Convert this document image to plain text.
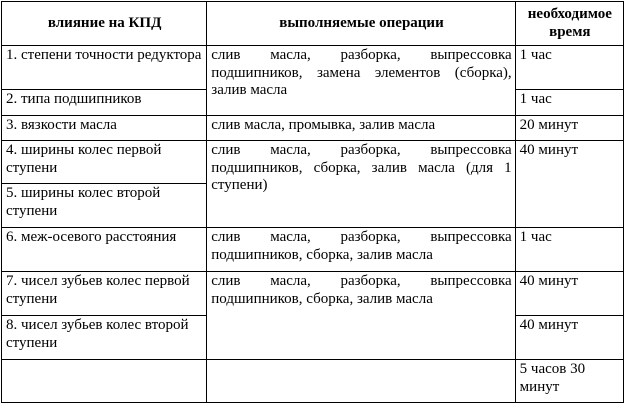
влияние на КПД	выполняемые операции	необходимое время
1. степени точности редуктора	слив масла, разборка, выпрессовка подшипников, замена элементов (сборка), залив масла	1 час
2. типа подшипников		1 час
3. вязкости масла	слив масла, промывка, залив масла	20 минут
4. ширины колес первой ступени	слив масла, разборка, выпрессовка подшипников, сборка, залив масла (для 1 ступени)	40 минут
5. ширины колес второй ступени		
6. меж-осевого расстояния	слив масла, разборка, выпрессовка подшипников, сборка, залив масла	1 час
7. чисел зубьев колес первой ступени	слив масла, разборка, выпрессовка подшипников, сборка, залив масла	40 минут
8. чисел зубьев колес второй ступени		40 минут
		5 часов 30 минут
